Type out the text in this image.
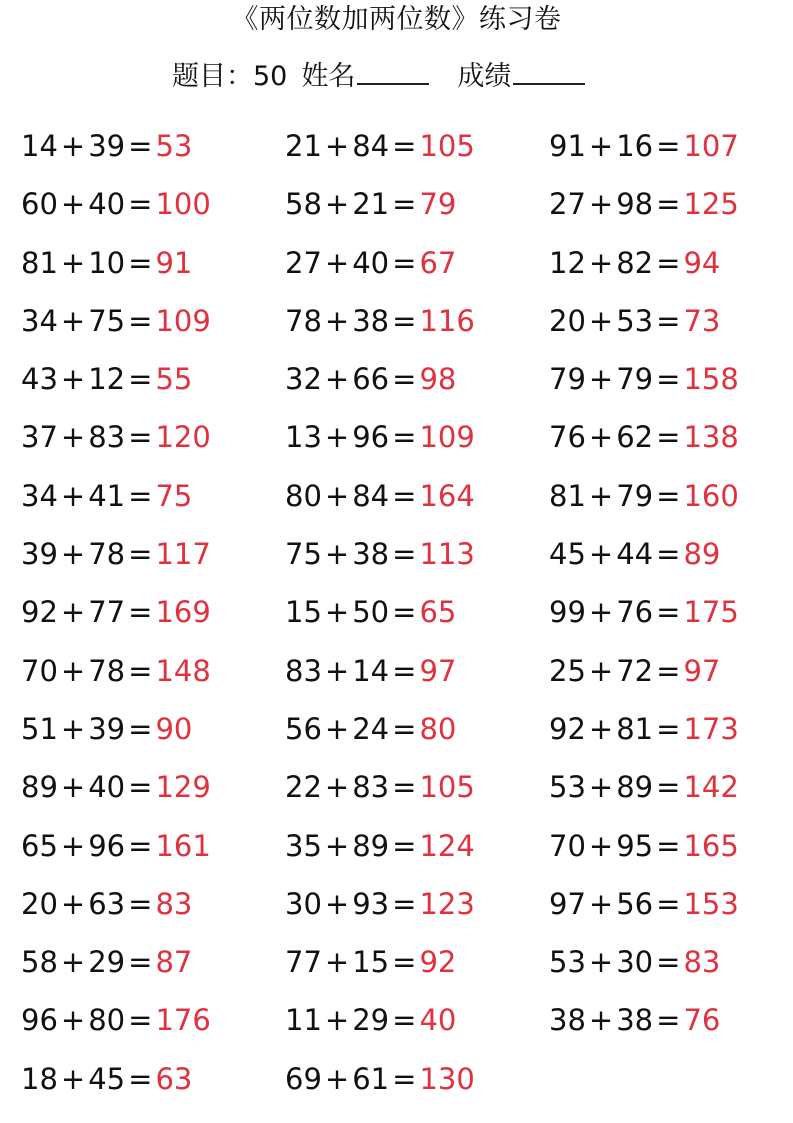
《两位数加两位数》练习卷
题目：50 姓名	成绩
14 + 39 = 53
60 + 40 = 100
81 + 10 = 91
34 + 75 = 109
43 + 12 = 55
37 + 83 = 120
34 + 41 = 75
39 + 78 = 117
92 + 77 = 169
70 + 78 = 148
51 + 39 = 90
89 + 40 = 129
65 + 96 = 161
20 + 63 = 83
58 + 29 = 87
96 + 80 = 176
18 + 45 = 63
21 + 84 = 105
58 + 21 = 79
27 + 40 = 67
78 + 38 = 116
32 + 66 = 98
13 + 96 = 109
80 + 84 = 164
75 + 38 = 113
15 + 50 = 65
83 + 14 = 97
56 + 24 = 80
22 + 83 = 105
35 + 89 = 124
30 + 93 = 123
77 + 15 = 92
11 + 29 = 40
69 + 61 = 130
91 + 16 = 107
27 + 98 = 125
12 + 82 = 94
20 + 53 = 73
79 + 79 = 158
76 + 62 = 138
81 + 79 = 160
45 + 44 = 89
99 + 76 = 175
25 + 72 = 97
92 + 81 = 173
53 + 89 = 142
70 + 95 = 165
97 + 56 = 153
53 + 30 = 83
38 + 38 = 76
